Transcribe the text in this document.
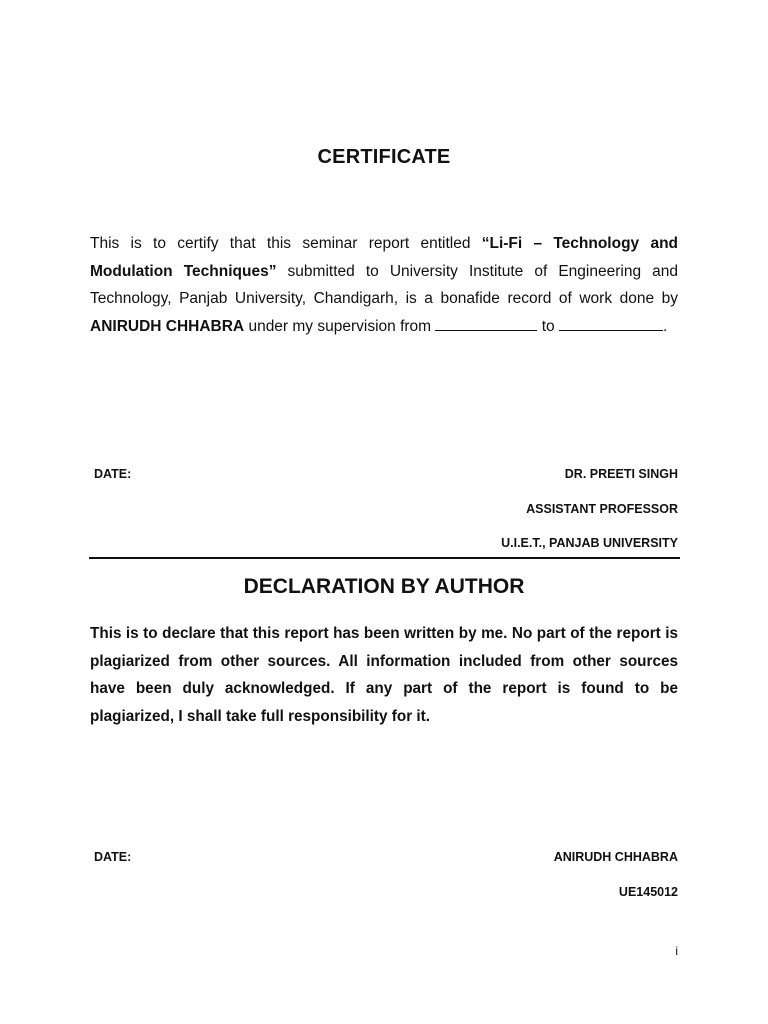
CERTIFICATE

This is to certify that this seminar report entitled “Li-Fi – Technology and Modulation Techniques” submitted to University Institute of Engineering and Technology, Panjab University, Chandigarh, is a bonafide record of work done by ANIRUDH CHHABRA under my supervision from	to	.

DATE:	DR. PREETI SINGH

ASSISTANT PROFESSOR

U.I.E.T., PANJAB UNIVERSITY

DECLARATION BY AUTHOR

This is to declare that this report has been written by me. No part of the report is plagiarized from other sources. All information included from other sources have been duly acknowledged. If any part of the report is found to be plagiarized, I shall take full responsibility for it.

DATE:	ANIRUDH CHHABRA

UE145012

i
